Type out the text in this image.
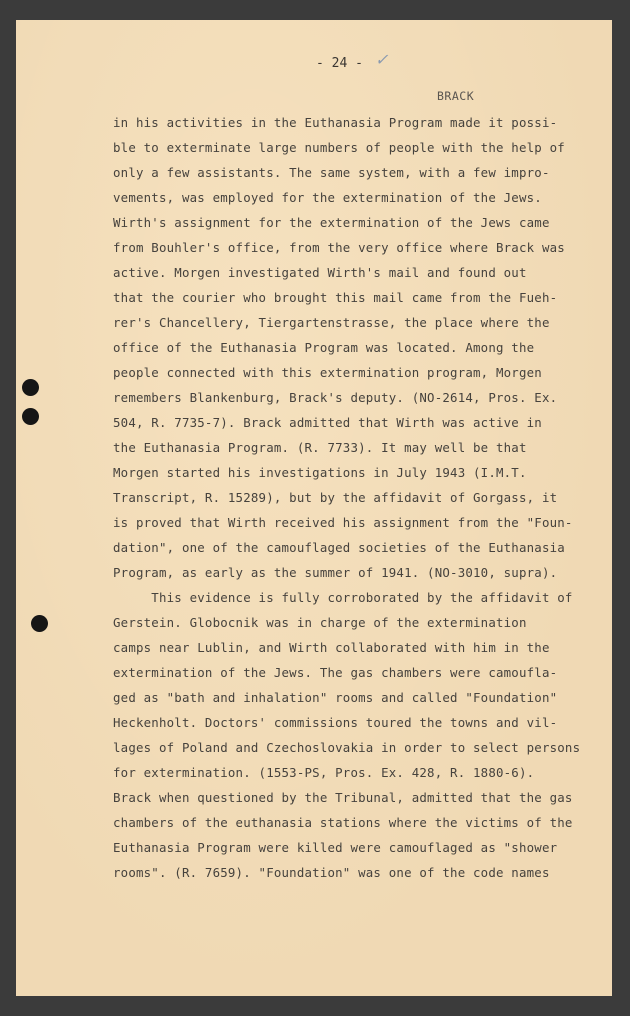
- 24 - ✓
BRACK
in his activities in the Euthanasia Program made it possi-
ble to exterminate large numbers of people with the help of
only a few assistants. The same system, with a few impro-
vements, was employed for the extermination of the Jews.
Wirth's assignment for the extermination of the Jews came
from Bouhler's office, from the very office where Brack was
active. Morgen investigated Wirth's mail and found out
that the courier who brought this mail came from the Fueh-
rer's Chancellery, Tiergartenstrasse, the place where the
office of the Euthanasia Program was located. Among the
people connected with this extermination program, Morgen
remembers Blankenburg, Brack's deputy. (NO-2614, Pros. Ex.
504, R. 7735-7). Brack admitted that Wirth was active in
the Euthanasia Program. (R. 7733). It may well be that
Morgen started his investigations in July 1943 (I.M.T.
Transcript, R. 15289), but by the affidavit of Gorgass, it
is proved that Wirth received his assignment from the "Foun-
dation", one of the camouflaged societies of the Euthanasia
Program, as early as the summer of 1941. (NO-3010, supra).
This evidence is fully corroborated by the affidavit of
Gerstein. Globocnik was in charge of the extermination
camps near Lublin, and Wirth collaborated with him in the
extermination of the Jews. The gas chambers were camoufla-
ged as "bath and inhalation" rooms and called "Foundation"
Heckenholt. Doctors' commissions toured the towns and vil-
lages of Poland and Czechoslovakia in order to select persons
for extermination. (1553-PS, Pros. Ex. 428, R. 1880-6).
Brack when questioned by the Tribunal, admitted that the gas
chambers of the euthanasia stations where the victims of the
Euthanasia Program were killed were camouflaged as "shower
rooms". (R. 7659). "Foundation" was one of the code names
